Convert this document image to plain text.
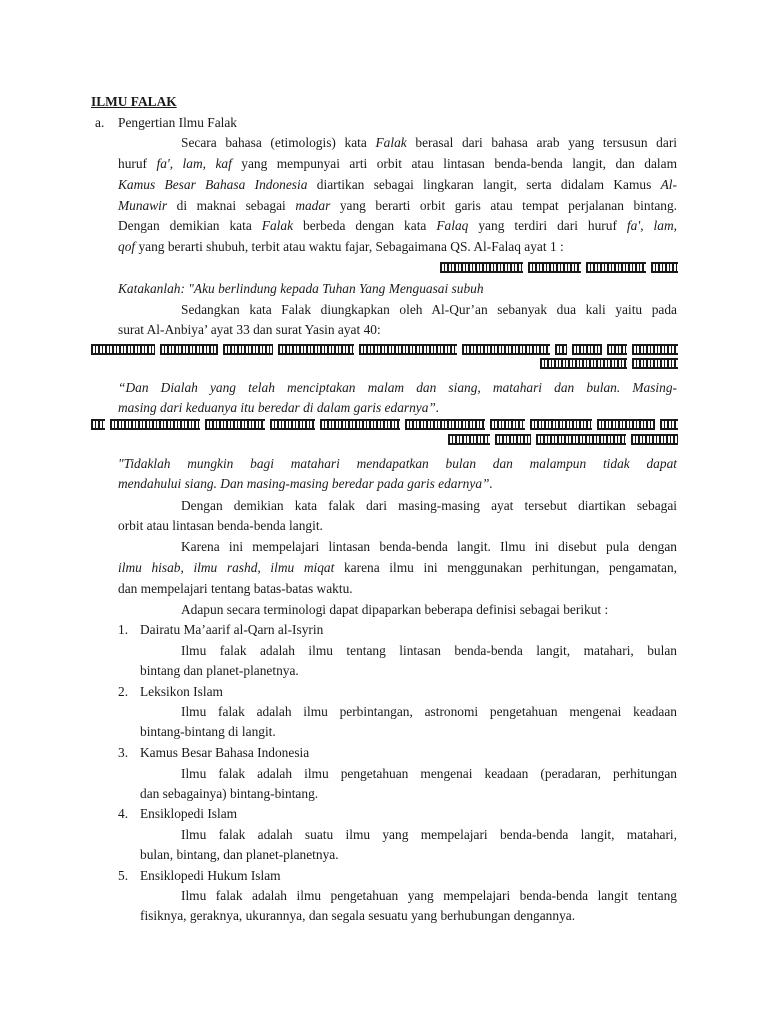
ILMU FALAK
a. Pengertian Ilmu Falak
Secara bahasa (etimologis) kata Falak berasal dari bahasa arab yang tersusun dari
huruf fa', lam, kaf yang mempunyai arti orbit atau lintasan benda-benda langit, dan dalam
Kamus Besar Bahasa Indonesia diartikan sebagai lingkaran langit, serta didalam Kamus Al-
Munawir di maknai sebagai madar yang berarti orbit garis atau tempat perjalanan bintang.
Dengan demikian kata Falak berbeda dengan kata Falaq yang terdiri dari huruf fa', lam,
qof yang berarti shubuh, terbit atau waktu fajar, Sebagaimana QS. Al-Falaq ayat 1 :
Katakanlah: "Aku berlindung kepada Tuhan Yang Menguasai subuh
Sedangkan kata Falak diungkapkan oleh Al-Qur’an sebanyak dua kali yaitu pada
surat Al-Anbiya’ ayat 33 dan surat Yasin ayat 40:
“Dan Dialah yang telah menciptakan malam dan siang, matahari dan bulan. Masing-
masing dari keduanya itu beredar di dalam garis edarnya”.
"Tidaklah mungkin bagi matahari mendapatkan bulan dan malampun tidak dapat
mendahului siang. Dan masing-masing beredar pada garis edarnya”.
Dengan demikian kata falak dari masing-masing ayat tersebut diartikan sebagai
orbit atau lintasan benda-benda langit.
Karena ini mempelajari lintasan benda-benda langit. Ilmu ini disebut pula dengan
ilmu hisab, ilmu rashd, ilmu miqat karena ilmu ini menggunakan perhitungan, pengamatan,
dan mempelajari tentang batas-batas waktu.
Adapun secara terminologi dapat dipaparkan beberapa definisi sebagai berikut :
1. Dairatu Ma’aarif al-Qarn al-Isyrin
Ilmu falak adalah ilmu tentang lintasan benda-benda langit, matahari, bulan
bintang dan planet-planetnya.
2. Leksikon Islam
Ilmu falak adalah ilmu perbintangan, astronomi pengetahuan mengenai keadaan
bintang-bintang di langit.
3. Kamus Besar Bahasa Indonesia
Ilmu falak adalah ilmu pengetahuan mengenai keadaan (peradaran, perhitungan
dan sebagainya) bintang-bintang.
4. Ensiklopedi Islam
Ilmu falak adalah suatu ilmu yang mempelajari benda-benda langit, matahari,
bulan, bintang, dan planet-planetnya.
5. Ensiklopedi Hukum Islam
Ilmu falak adalah ilmu pengetahuan yang mempelajari benda-benda langit tentang
fisiknya, geraknya, ukurannya, dan segala sesuatu yang berhubungan dengannya.
